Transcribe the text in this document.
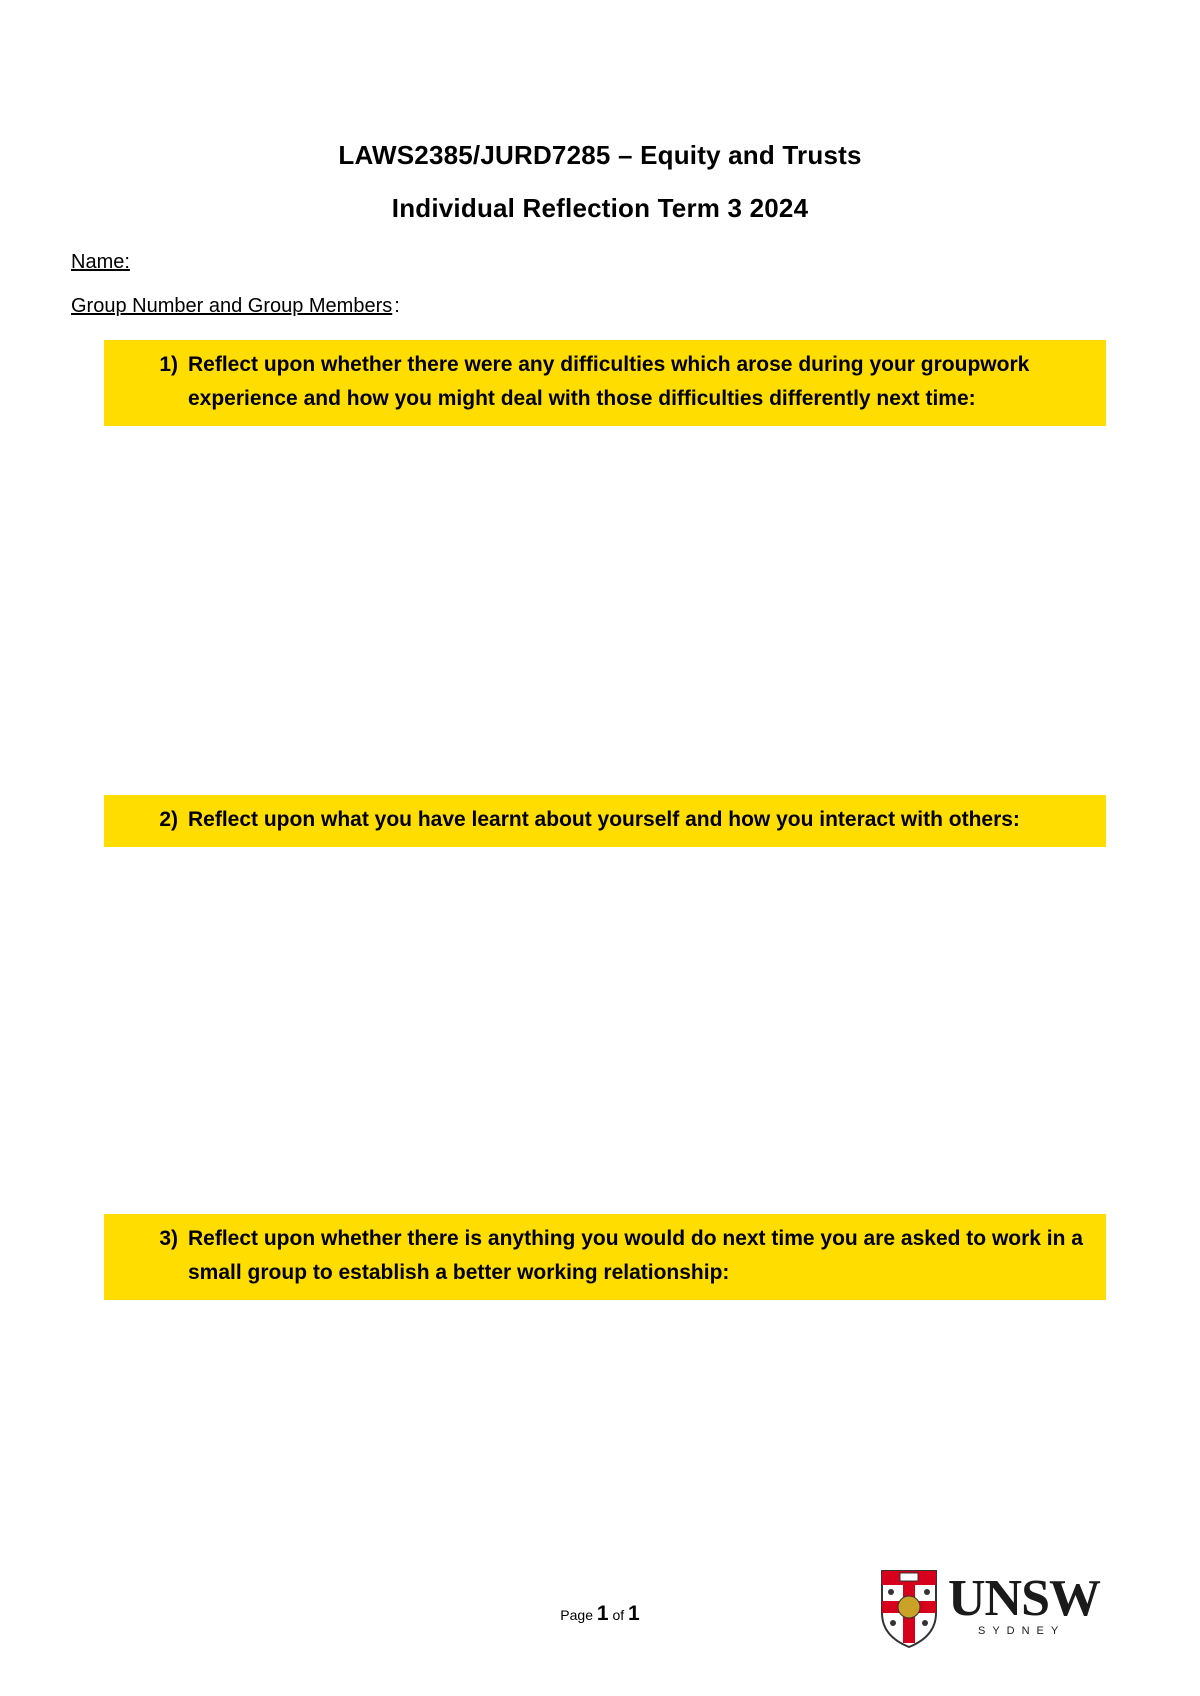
LAWS2385/JURD7285 – Equity and Trusts
Individual Reflection Term 3 2024
Name:
Group Number and Group Members :
1) Reflect upon whether there were any difficulties which arose during your groupwork experience and how you might deal with those difficulties differently next time:
2) Reflect upon what you have learnt about yourself and how you interact with others:
3) Reflect upon whether there is anything you would do next time you are asked to work in a small group to establish a better working relationship:
Page 1 of 1	UNSW
SYDNEY
